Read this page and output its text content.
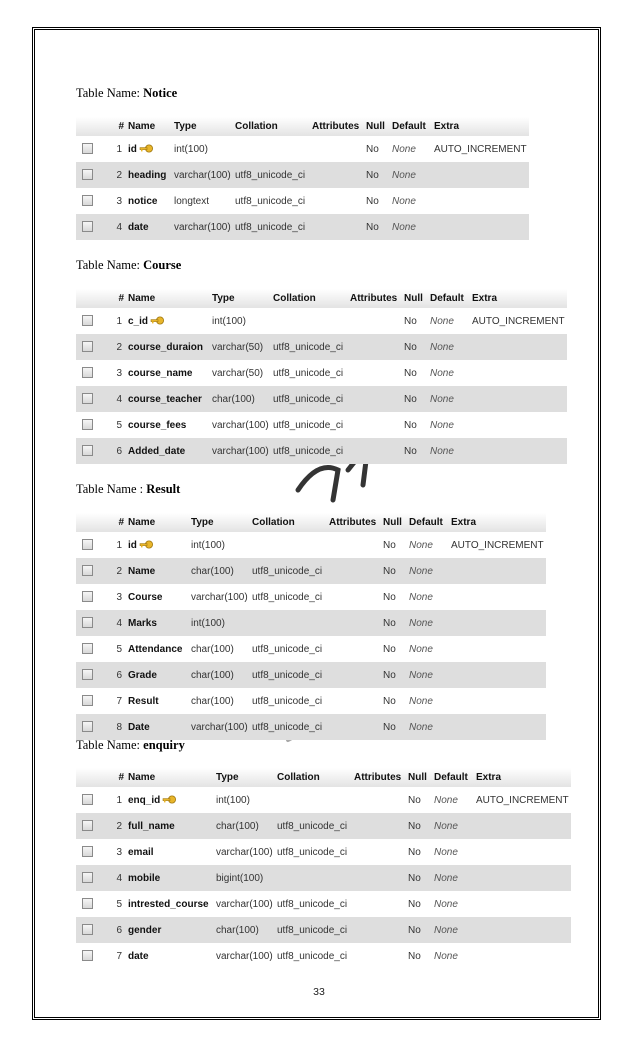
Table Name: Notice
	#	Name	Type	Collation	Attributes	Null	Default	Extra
	1	id	int(100)			No	None	AUTO_INCREMENT
	2	heading	varchar(100)	utf8_unicode_ci		No	None	
	3	notice	longtext	utf8_unicode_ci		No	None	
	4	date	varchar(100)	utf8_unicode_ci		No	None	
Table Name: Course
	#	Name	Type	Collation	Attributes	Null	Default	Extra
	1	c_id	int(100)			No	None	AUTO_INCREMENT
	2	course_duraion	varchar(50)	utf8_unicode_ci		No	None	
	3	course_name	varchar(50)	utf8_unicode_ci		No	None	
	4	course_teacher	char(100)	utf8_unicode_ci		No	None	
	5	course_fees	varchar(100)	utf8_unicode_ci		No	None	
	6	Added_date	varchar(100)	utf8_unicode_ci		No	None	
Table Name : Result
	#	Name	Type	Collation	Attributes	Null	Default	Extra
	1	id	int(100)			No	None	AUTO_INCREMENT
	2	Name	char(100)	utf8_unicode_ci		No	None	
	3	Course	varchar(100)	utf8_unicode_ci		No	None	
	4	Marks	int(100)			No	None	
	5	Attendance	char(100)	utf8_unicode_ci		No	None	
	6	Grade	char(100)	utf8_unicode_ci		No	None	
	7	Result	char(100)	utf8_unicode_ci		No	None	
	8	Date	varchar(100)	utf8_unicode_ci		No	None	
Table Name: enquiry
	#	Name	Type	Collation	Attributes	Null	Default	Extra
	1	enq_id	int(100)			No	None	AUTO_INCREMENT
	2	full_name	char(100)	utf8_unicode_ci		No	None	
	3	email	varchar(100)	utf8_unicode_ci		No	None	
	4	mobile	bigint(100)			No	None	
	5	intrested_course	varchar(100)	utf8_unicode_ci		No	None	
	6	gender	char(100)	utf8_unicode_ci		No	None	
	7	date	varchar(100)	utf8_unicode_ci		No	None	
33
